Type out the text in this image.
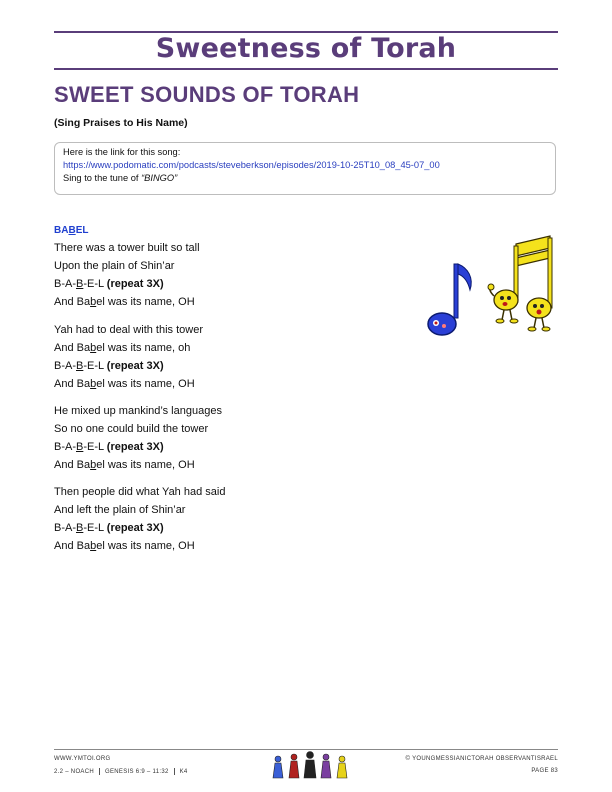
Sweetness of Torah
SWEET SOUNDS OF TORAH
(Sing Praises to His Name)
Here is the link for this song:
https://www.podomatic.com/podcasts/steveberkson/episodes/2019-10-25T10_08_45-07_00
Sing to the tune of “BINGO”
BABEL
There was a tower built so tall
Upon the plain of Shin’ar
B-A-B-E-L (repeat 3X)
And Babel was its name, OH
Yah had to deal with this tower
And Babel was its name, oh
B-A-B-E-L (repeat 3X)
And Babel was its name, OH
He mixed up mankind’s languages
So no one could build the tower
B-A-B-E-L (repeat 3X)
And Babel was its name, OH
Then people did what Yah had said
And left the plain of Shin’ar
B-A-B-E-L (repeat 3X)
And Babel was its name, OH
WWW.YMTOI.ORG
2.2 – NOACH GENESIS 6:9 – 11:32 K4
© YOUNGMESSIANICTORAH OBSERVANTISRAEL
PAGE 83
